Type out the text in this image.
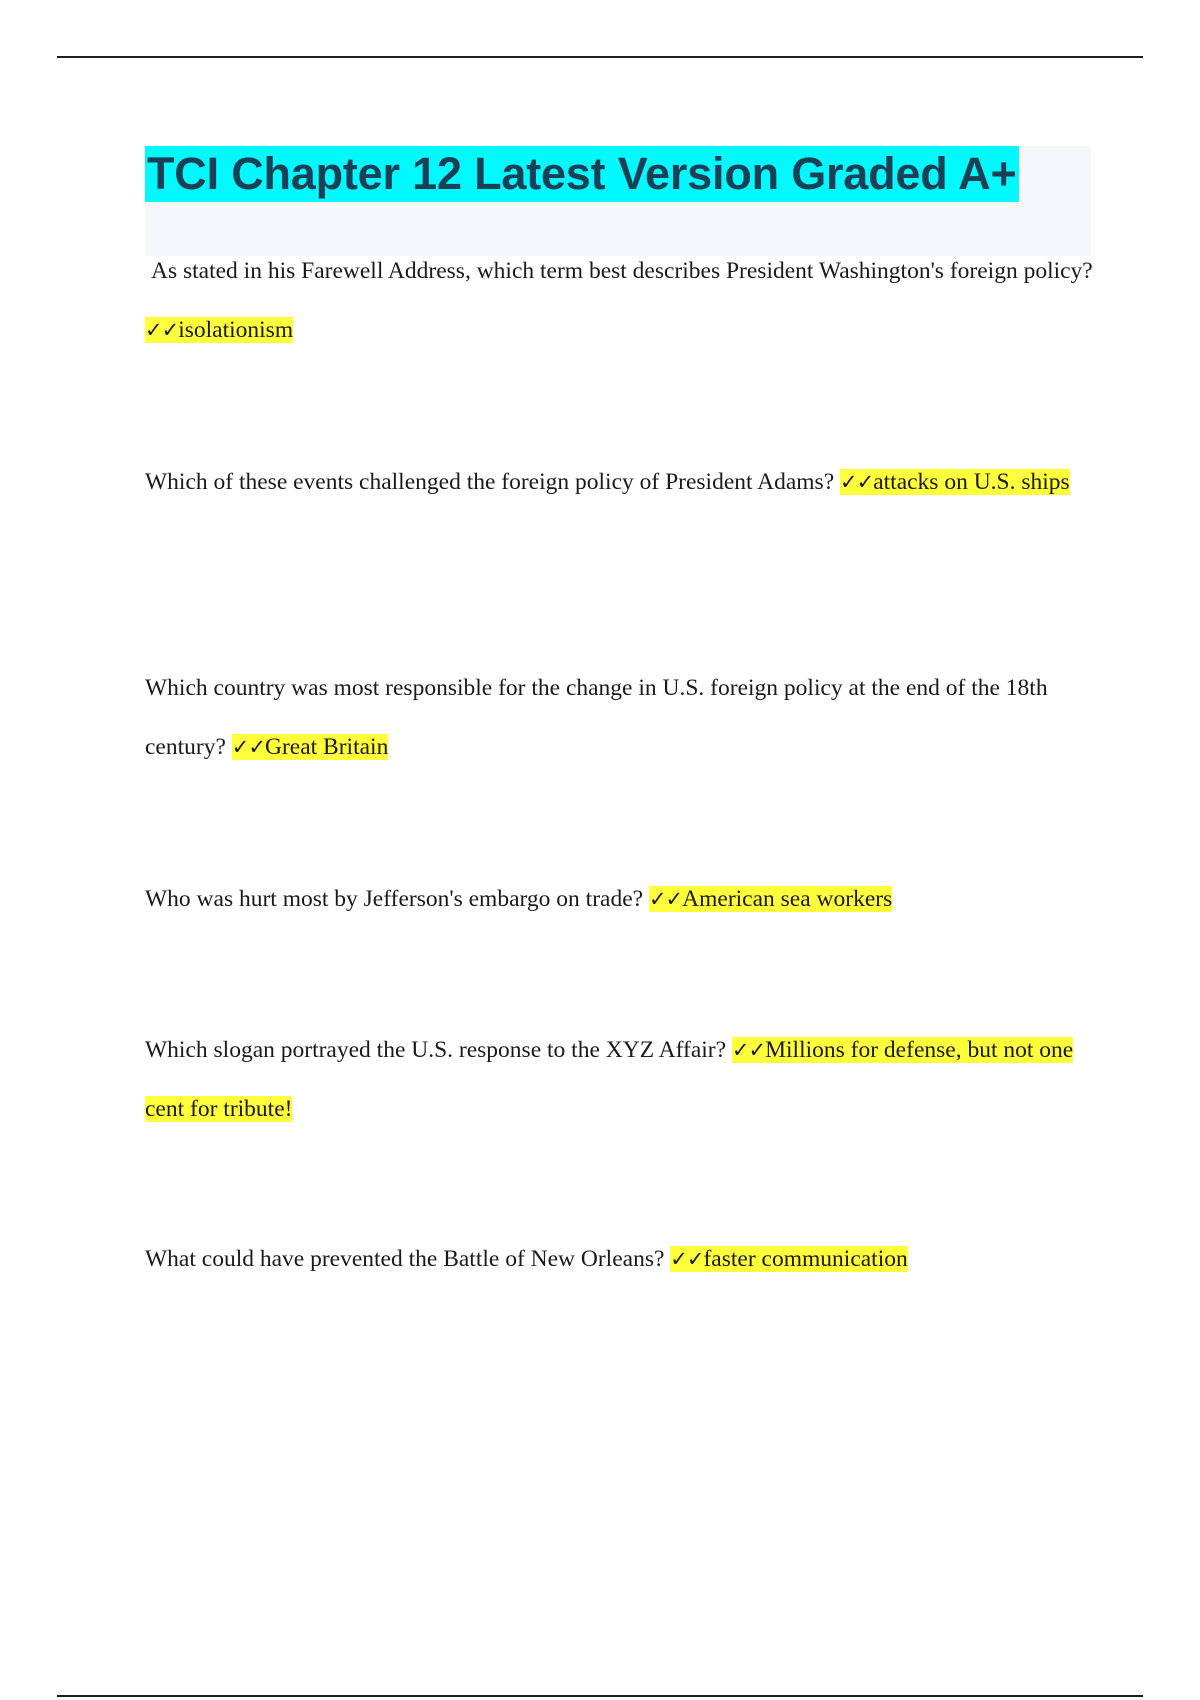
TCI Chapter 12 Latest Version Graded A+

As stated in his Farewell Address, which term best describes President Washington's foreign policy? ✓✓isolationism

Which of these events challenged the foreign policy of President Adams? ✓✓attacks on U.S. ships

Which country was most responsible for the change in U.S. foreign policy at the end of the 18th century? ✓✓Great Britain

Who was hurt most by Jefferson's embargo on trade? ✓✓American sea workers

Which slogan portrayed the U.S. response to the XYZ Affair? ✓✓Millions for defense, but not one cent for tribute!

What could have prevented the Battle of New Orleans? ✓✓faster communication
